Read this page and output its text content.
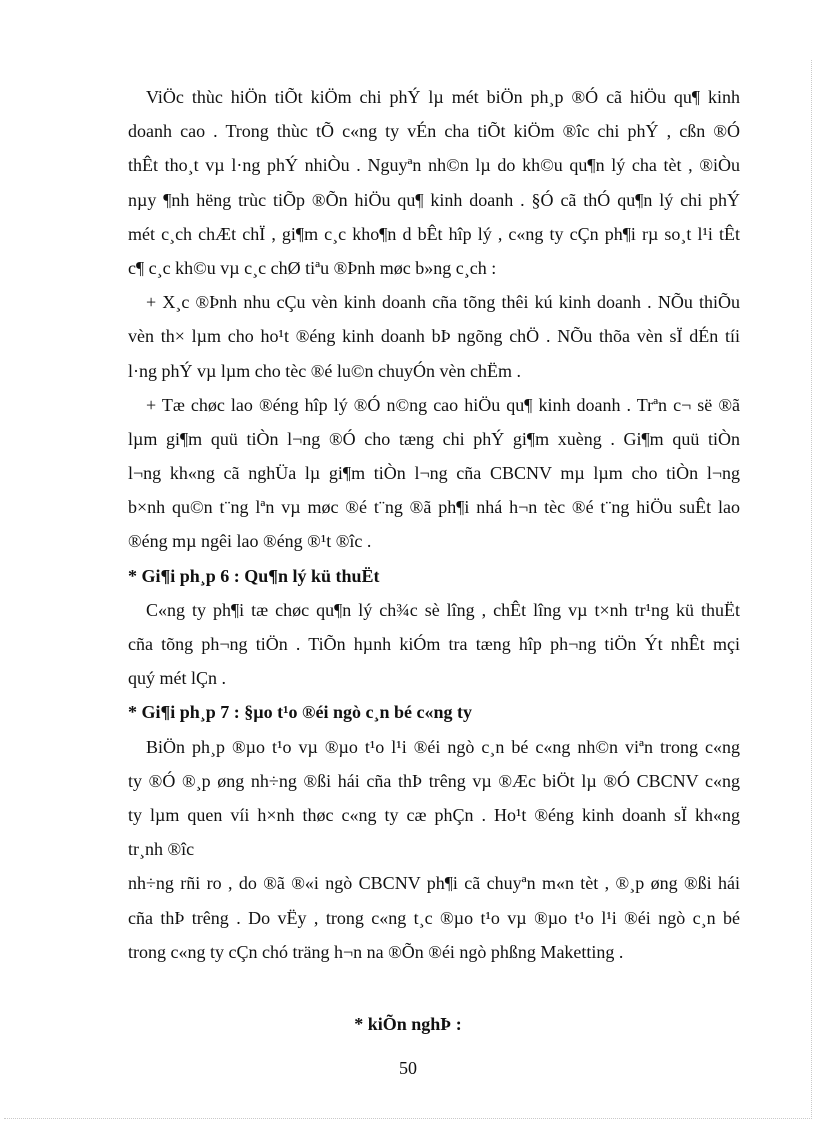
ViÖc thùc hiÖn tiÕt kiÖm chi phÝ lµ mét biÖn ph¸p ®Ó cã hiÖu qu¶ kinh
doanh cao . Trong thùc tÕ c«ng ty vÉn cha tiÕt kiÖm ®îc chi phÝ , cßn ®Ó
thÊt tho¸t vµ l·ng phÝ nhiÒu . Nguyªn nh©n lµ do kh©u qu¶n lý cha tèt , ®iÒu
nµy ¶nh hëng trùc tiÕp ®Õn hiÖu qu¶ kinh doanh . §Ó cã thÓ qu¶n lý chi phÝ
mét c¸ch chÆt chÏ , gi¶m c¸c kho¶n d bÊt hîp lý , c«ng ty cÇn ph¶i rµ so¸t l¹i tÊt
c¶ c¸c kh©u vµ c¸c chØ tiªu ®Þnh møc b»ng c¸ch :
+ X¸c ®Þnh nhu cÇu vèn kinh doanh cña tõng thêi kú kinh doanh . NÕu thiÕu
vèn th× lµm cho ho¹t ®éng kinh doanh bÞ ngõng chÖ . NÕu thõa vèn sÏ dÉn tíi
l·ng phÝ vµ lµm cho tèc ®é lu©n chuyÓn vèn chËm .
+ Tæ chøc lao ®éng hîp lý ®Ó n©ng cao hiÖu qu¶ kinh doanh . Trªn c¬ së ®ã
lµm gi¶m quü tiÒn l¬ng ®Ó cho tæng chi phÝ gi¶m xuèng . Gi¶m quü tiÒn
l¬ng kh«ng cã nghÜa lµ gi¶m tiÒn l¬ng cña CBCNV mµ lµm cho tiÒn l¬ng
b×nh qu©n t¨ng lªn vµ møc ®é t¨ng ®ã ph¶i nhá h¬n tèc ®é t¨ng hiÖu suÊt lao
®éng mµ ngêi lao ®éng ®¹t ®îc .
* Gi¶i ph¸p 6 : Qu¶n lý kü thuËt
C«ng ty ph¶i tæ chøc qu¶n lý ch¾c sè lîng , chÊt lîng vµ t×nh tr¹ng kü thuËt
cña tõng ph¬ng tiÖn . TiÕn hµnh kiÓm tra tæng hîp ph¬ng tiÖn Ýt nhÊt mçi
quý mét lÇn .
* Gi¶i ph¸p 7 : §µo t¹o ®éi ngò c¸n bé c«ng ty
BiÖn ph¸p ®µo t¹o vµ ®µo t¹o l¹i ®éi ngò c¸n bé c«ng nh©n viªn trong c«ng
ty ®Ó ®¸p øng nh÷ng ®ßi hái cña thÞ trêng vµ ®Æc biÖt lµ ®Ó CBCNV c«ng
ty lµm quen víi h×nh thøc c«ng ty cæ phÇn . Ho¹t ®éng kinh doanh sÏ kh«ng
tr¸nh ®îc
nh÷ng rñi ro , do ®ã ®«i ngò CBCNV ph¶i cã chuyªn m«n tèt , ®¸p øng ®ßi hái
cña thÞ trêng . Do vËy , trong c«ng t¸c ®µo t¹o vµ ®µo t¹o l¹i ®éi ngò c¸n bé
trong c«ng ty cÇn chó träng h¬n na ®Õn ®éi ngò phßng Maketting .
* kiÕn nghÞ :
50
